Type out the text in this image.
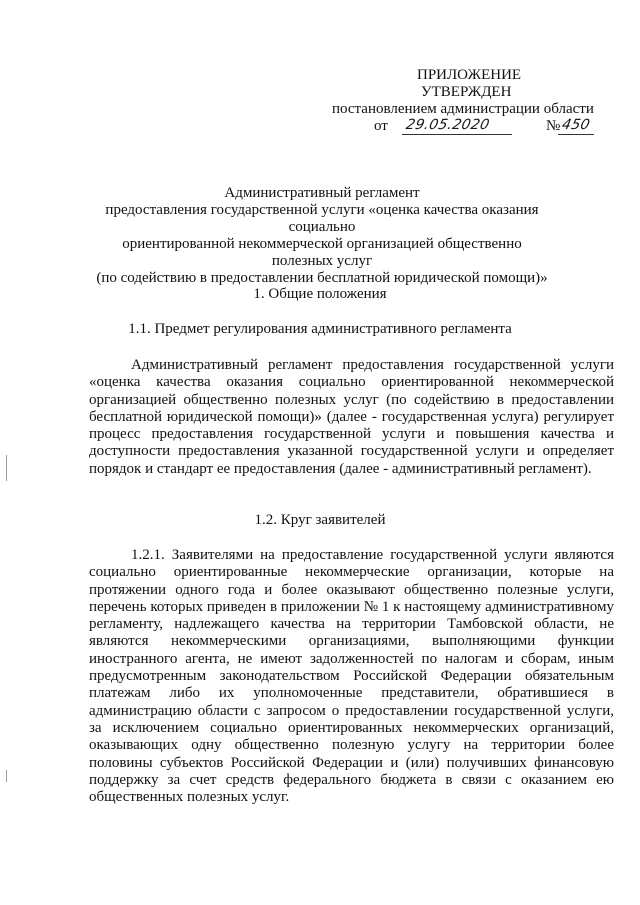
ПРИЛОЖЕНИЕ
УТВЕРЖДЕН
постановлением администрации области
от 29.05.2020	№ 450
Административный регламент
предоставления государственной услуги «оценка качества оказания социально
ориентированной некоммерческой организацией общественно полезных услуг
(по содействию в предоставлении бесплатной юридической помощи)»
1. Общие положения
1.1. Предмет регулирования административного регламента
Административный регламент предоставления государственной услуги «оценка качества оказания социально ориентированной некоммерческой организацией общественно полезных услуг (по содействию в предоставлении бесплатной юридической помощи)» (далее - государственная услуга) регулирует процесс предоставления государственной услуги и повышения качества и доступности предоставления указанной государственной услуги и определяет порядок и стандарт ее предоставления (далее - административный регламент).
1.2. Круг заявителей
1.2.1. Заявителями на предоставление государственной услуги являются социально ориентированные некоммерческие организации, которые на протяжении одного года и более оказывают общественно полезные услуги, перечень которых приведен в приложении № 1 к настоящему административному регламенту, надлежащего качества на территории Тамбовской области, не являются некоммерческими организациями, выполняющими функции иностранного агента, не имеют задолженностей по налогам и сборам, иным предусмотренным законодательством Российской Федерации обязательным платежам либо их уполномоченные представители, обратившиеся в администрацию области с запросом о предоставлении государственной услуги, за исключением социально ориентированных некоммерческих организаций, оказывающих одну общественно полезную услугу на территории более половины субъектов Российской Федерации и (или) получивших финансовую поддержку за счет средств федерального бюджета в связи с оказанием ею общественных полезных услуг.
